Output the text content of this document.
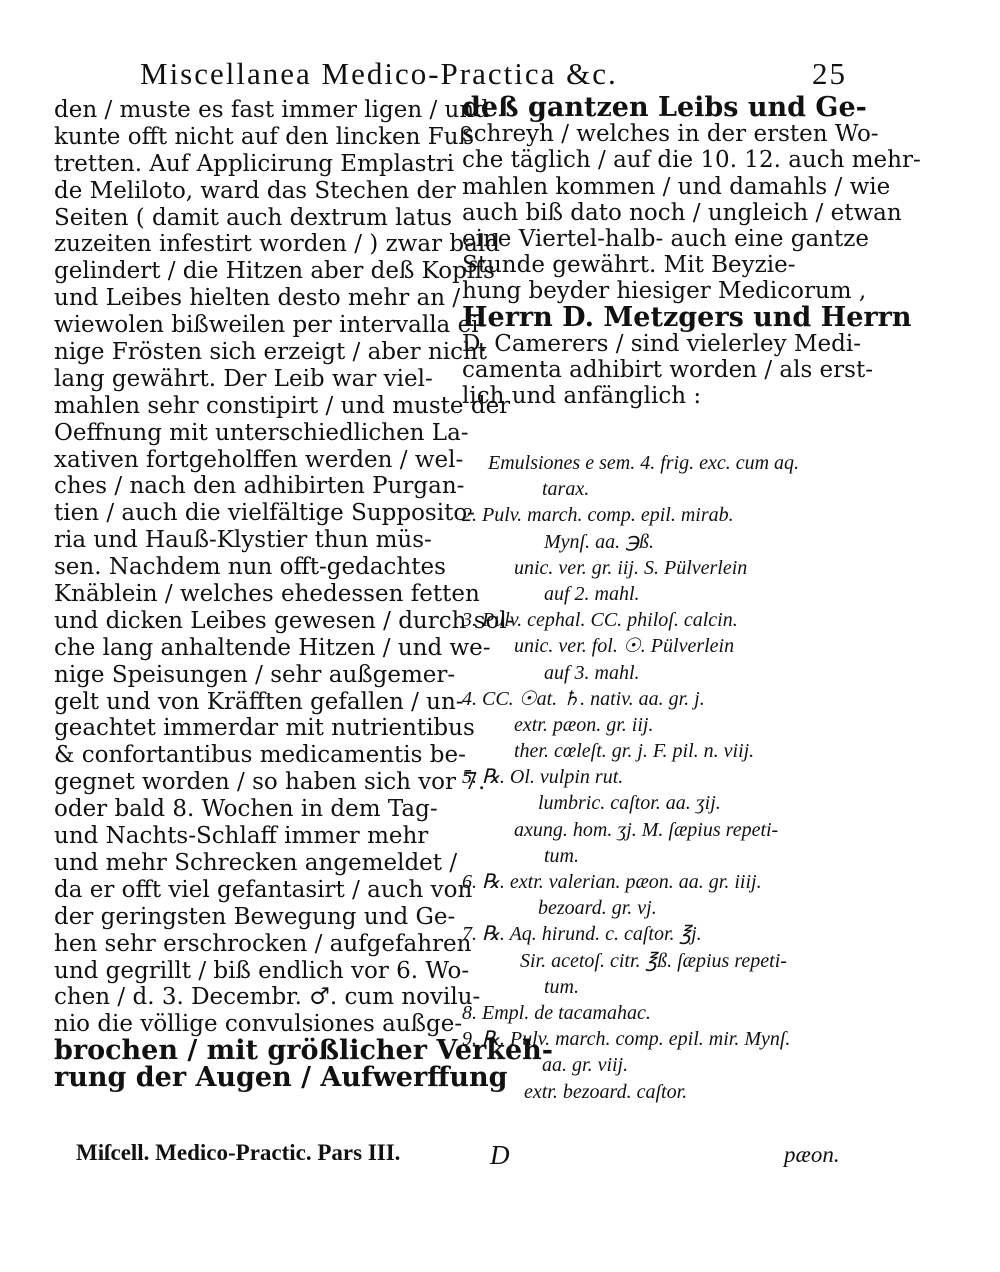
Miscellanea Medico-Practica &c.	25
den / muste es fast immer ligen / und
kunte offt nicht auf den lincken Fuß
tretten. Auf Applicirung Emplastri
de Meliloto, ward das Stechen der
Seiten ( damit auch dextrum latus
zuzeiten infestirt worden / ) zwar bald
gelindert / die Hitzen aber deß Kopffs
und Leibes hielten desto mehr an /
wiewolen bißweilen per intervalla ei-
nige Frösten sich erzeigt / aber nicht
lang gewährt. Der Leib war viel-
mahlen sehr constipirt / und muste der
Oeffnung mit unterschiedlichen La-
xativen fortgeholffen werden / wel-
ches / nach den adhibirten Purgan-
tien / auch die vielfältige Supposito-
ria und Hauß-Klystier thun müs-
sen. Nachdem nun offt-gedachtes
Knäblein / welches ehedessen fetten
und dicken Leibes gewesen / durch sol-
che lang anhaltende Hitzen / und we-
nige Speisungen / sehr außgemer-
gelt und von Kräfften gefallen / un-
geachtet immerdar mit nutrientibus
& confortantibus medicamentis be-
gegnet worden / so haben sich vor 7.
oder bald 8. Wochen in dem Tag-
und Nachts-Schlaff immer mehr
und mehr Schrecken angemeldet /
da er offt viel gefantasirt / auch von
der geringsten Bewegung und Ge-
hen sehr erschrocken / aufgefahren
und gegrillt / biß endlich vor 6. Wo-
chen / d. 3. Decembr. ♂. cum novilu-
nio die völlige convulsiones außge-
brochen / mit größlicher Verkeh-
rung der Augen / Aufwerffung
deß gantzen Leibs und Ge-
schreyh / welches in der ersten Wo-
che täglich / auf die 10. 12. auch mehr-
mahlen kommen / und damahls / wie
auch biß dato noch / ungleich / etwan
eine Viertel-halb- auch eine gantze
Stunde gewährt. Mit Beyzie-
hung beyder hiesiger Medicorum ,
Herrn D. Metzgers und Herrn
D. Camerers / sind vielerley Medi-
camenta adhibirt worden / als erst-
lich und anfänglich :
Emulsiones e sem. 4. frig. exc. cum aq.
tarax.
2. Pulv. march. comp. epil. mirab.
Mynſ. aa. ℈ß.
unic. ver. gr. iij. S. Pülverlein
auf 2. mahl.
3. Pulv. cephal. CC. philoſ. calcin.
unic. ver. fol. ☉. Pülverlein
auf 3. mahl.
4. CC. ☉at. ♄. nativ. aa. gr. j.
extr. pæon. gr. iij.
ther. cœleſt. gr. j. F. pil. n. viij.
5. ℞. Ol. vulpin rut.
lumbric. caſtor. aa. ʒij.
axung. hom. ʒj. M. ſæpius repeti-
tum.
6. ℞. extr. valerian. pæon. aa. gr. iiij.
bezoard. gr. vj.
7. ℞. Aq. hirund. c. caſtor. ℥j.
Sir. acetoſ. citr. ℥ß. ſæpius repeti-
tum.
8. Empl. de tacamahac.
9. ℞. Pulv. march. comp. epil. mir. Mynſ.
aa. gr. viij.
extr. bezoard. caſtor.
Miſcell. Medico-Practic. Pars III.	D	pæon.
